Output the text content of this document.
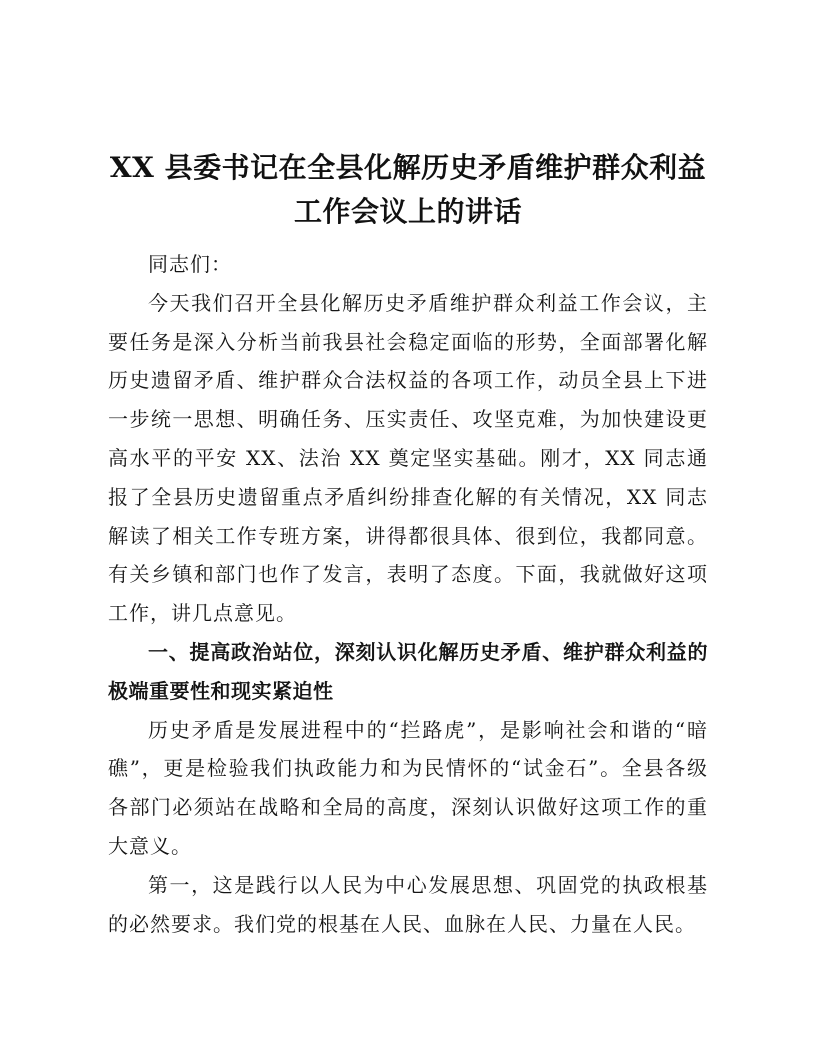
XX 县委书记在全县化解历史矛盾维护群众利益
工作会议上的讲话

同志们：

今天我们召开全县化解历史矛盾维护群众利益工作会议，主要任务是深入分析当前我县社会稳定面临的形势，全面部署化解历史遗留矛盾、维护群众合法权益的各项工作，动员全县上下进一步统一思想、明确任务、压实责任、攻坚克难，为加快建设更高水平的平安 XX、法治 XX 奠定坚实基础。刚才，XX 同志通报了全县历史遗留重点矛盾纠纷排查化解的有关情况，XX 同志解读了相关工作专班方案，讲得都很具体、很到位，我都同意。有关乡镇和部门也作了发言，表明了态度。下面，我就做好这项工作，讲几点意见。

一、提高政治站位，深刻认识化解历史矛盾、维护群众利益的极端重要性和现实紧迫性

历史矛盾是发展进程中的“拦路虎”，是影响社会和谐的“暗礁”，更是检验我们执政能力和为民情怀的“试金石”。全县各级各部门必须站在战略和全局的高度，深刻认识做好这项工作的重大意义。

第一，这是践行以人民为中心发展思想、巩固党的执政根基的必然要求。我们党的根基在人民、血脉在人民、力量在人民。
